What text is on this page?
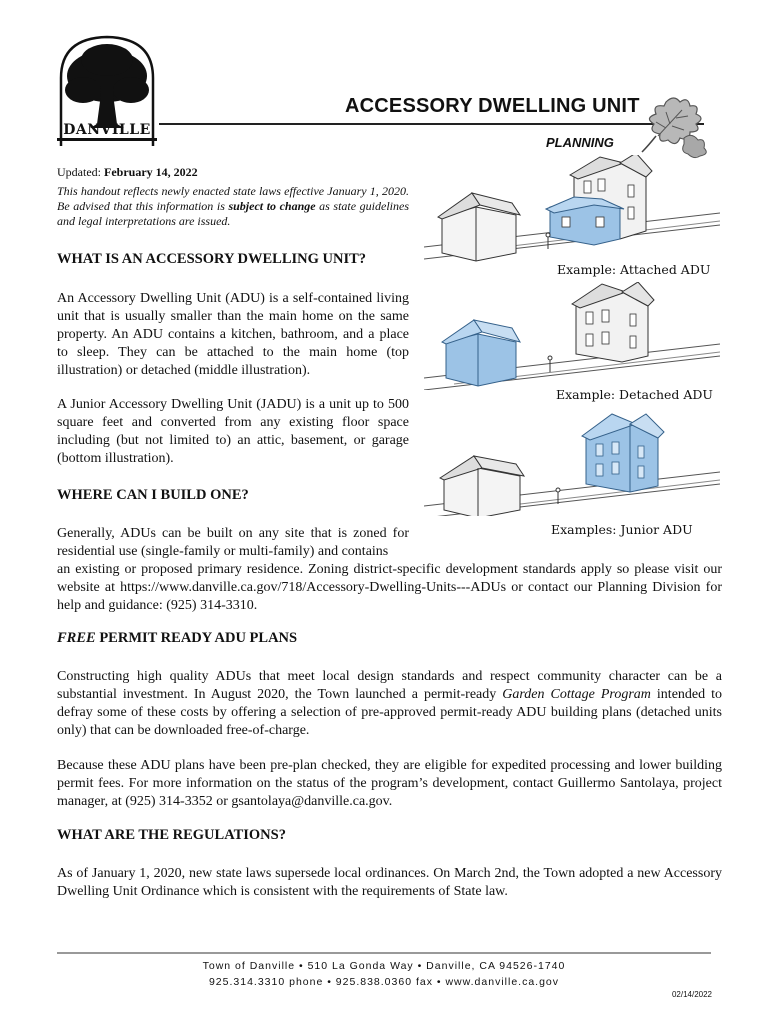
DANVILLE
ACCESSORY DWELLING UNIT
PLANNING
Updated: February 14, 2022
This handout reflects newly enacted state laws effective January 1, 2020. Be advised that this information is subject to change as state guidelines and legal interpretations are issued.
WHAT IS AN ACCESSORY DWELLING UNIT?
An Accessory Dwelling Unit (ADU) is a self-contained living unit that is usually smaller than the main home on the same property. An ADU contains a kitchen, bathroom, and a place to sleep. They can be attached to the main home (top illustration) or detached (middle illustration).
A Junior Accessory Dwelling Unit (JADU) is a unit up to 500 square feet and converted from any existing floor space including (but not limited to) an attic, basement, or garage (bottom illustration).
WHERE CAN I BUILD ONE?
Generally, ADUs can be built on any site that is zoned for residential use (single-family or multi-family) and contains
an existing or proposed primary residence. Zoning district-specific development standards apply so please visit our website at https://www.danville.ca.gov/718/Accessory-Dwelling-Units---ADUs or contact our Planning Division for help and guidance: (925) 314-3310.
FREE PERMIT READY ADU PLANS
Constructing high quality ADUs that meet local design standards and respect community character can be a substantial investment. In August 2020, the Town launched a permit-ready Garden Cottage Program intended to defray some of these costs by offering a selection of pre-approved permit-ready ADU building plans (detached units only) that can be downloaded free-of-charge.
Because these ADU plans have been pre-plan checked, they are eligible for expedited processing and lower building permit fees. For more information on the status of the program’s development, contact Guillermo Santolaya, project manager, at (925) 314-3352 or gsantolaya@danville.ca.gov.
WHAT ARE THE REGULATIONS?
As of January 1, 2020, new state laws supersede local ordinances. On March 2nd, the Town adopted a new Accessory Dwelling Unit Ordinance which is consistent with the requirements of State law.
Example: Attached ADU
Example: Detached ADU
Examples: Junior ADU
Town of Danville • 510 La Gonda Way • Danville, CA 94526-1740
925.314.3310 phone • 925.838.0360 fax • www.danville.ca.gov
02/14/2022
